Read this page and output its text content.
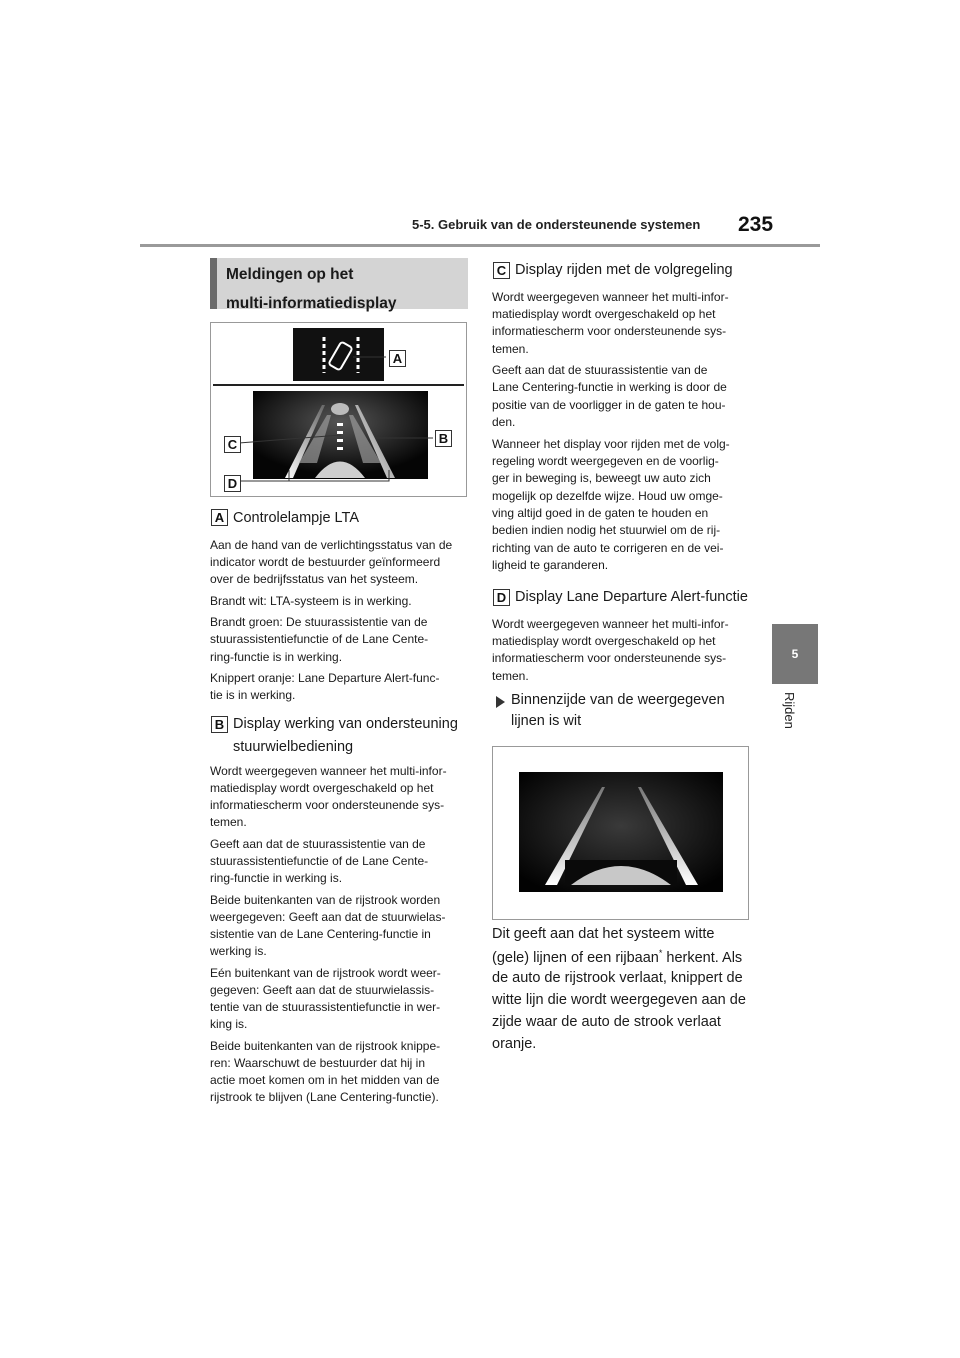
5-5. Gebruik van de ondersteunende systemen 235
5
Rijden
Meldingen op het
multi-informatiedisplay
A
B
C
D
A Controlelampje LTA
Aan de hand van de verlichtingsstatus van de
indicator wordt de bestuurder geïnformeerd
over de bedrijfsstatus van het systeem.
Brandt wit: LTA-systeem is in werking.
Brandt groen: De stuurassistentie van de
stuurassistentiefunctie of de Lane Cente-
ring-functie is in werking.
Knippert oranje: Lane Departure Alert-func-
tie is in werking.
B Display werking van ondersteuning
stuurwielbediening
Wordt weergegeven wanneer het multi-infor-
matiedisplay wordt overgeschakeld op het
informatiescherm voor ondersteunende sys-
temen.
Geeft aan dat de stuurassistentie van de
stuurassistentiefunctie of de Lane Cente-
ring-functie in werking is.
Beide buitenkanten van de rijstrook worden
weergegeven: Geeft aan dat de stuurwielas-
sistentie van de Lane Centering-functie in
werking is.
Eén buitenkant van de rijstrook wordt weer-
gegeven: Geeft aan dat de stuurwielassis-
tentie van de stuurassistentiefunctie in wer-
king is.
Beide buitenkanten van de rijstrook knippe-
ren: Waarschuwt de bestuurder dat hij in
actie moet komen om in het midden van de
rijstrook te blijven (Lane Centering-functie).
C Display rijden met de volgregeling
Wordt weergegeven wanneer het multi-infor-
matiedisplay wordt overgeschakeld op het
informatiescherm voor ondersteunende sys-
temen.
Geeft aan dat de stuurassistentie van de
Lane Centering-functie in werking is door de
positie van de voorligger in de gaten te hou-
den.
Wanneer het display voor rijden met de volg-
regeling wordt weergegeven en de voorlig-
ger in beweging is, beweegt uw auto zich
mogelijk op dezelfde wijze. Houd uw omge-
ving altijd goed in de gaten te houden en
bedien indien nodig het stuurwiel om de rij-
richting van de auto te corrigeren en de vei-
ligheid te garanderen.
D Display Lane Departure Alert-functie
Wordt weergegeven wanneer het multi-infor-
matiedisplay wordt overgeschakeld op het
informatiescherm voor ondersteunende sys-
temen.
Binnenzijde van de weergegeven
lijnen is wit
Dit geeft aan dat het systeem witte
(gele) lijnen of een rijbaan* herkent. Als
de auto de rijstrook verlaat, knippert de
witte lijn die wordt weergegeven aan de
zijde waar de auto de strook verlaat
oranje.
